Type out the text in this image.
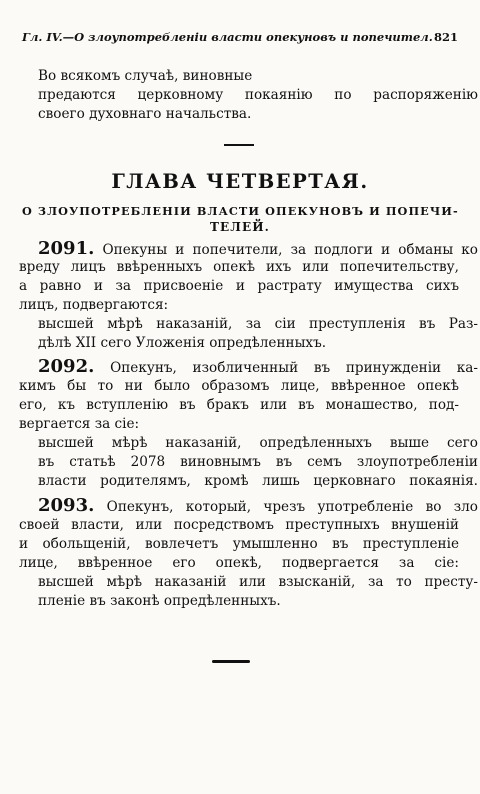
Гл. IV.—О злоупотребленiи власти опекуновъ и попечител. 821
Во всякомъ случаѣ, виновные
предаются церковному покаянiю по распоряженiю
своего духовнаго начальства.
ГЛАВА ЧЕТВЕРТАЯ.
О ЗЛОУПОТРЕБЛЕНIИ ВЛАСТИ ОПЕКУНОВЪ И ПОПЕЧИ-
ТЕЛЕЙ.
2091. Опекуны и попечители, за подлоги и обманы ко
вреду лицъ ввѣренныхъ опекѣ ихъ или попечительству,
а равно и за присвоенiе и растрату имущества сихъ
лицъ, подвергаются:
высшей мѣрѣ наказанiй, за сiи преступленiя въ Раз-
дѣлѣ XII сего Уложенiя опредѣленныхъ.
2092. Опекунъ, изобличенный въ принужденiи ка-
кимъ бы то ни было образомъ лице, ввѣренное опекѣ
его, къ вступленiю въ бракъ или въ монашество, под-
вергается за сiе:
высшей мѣрѣ наказанiй, опредѣленныхъ выше сего
въ статьѣ 2078 виновнымъ въ семъ злоупотребленiи
власти родителямъ, кромѣ лишь церковнаго покаянiя.
2093. Опекунъ, который, чрезъ употребленiе во зло
своей власти, или посредствомъ преступныхъ внушенiй
и обольщенiй, вовлечетъ умышленно въ преступленiе
лице, ввѣренное его опекѣ, подвергается за сiе:
высшей мѣрѣ наказанiй или взысканiй, за то престу-
пленiе въ законѣ опредѣленныхъ.
